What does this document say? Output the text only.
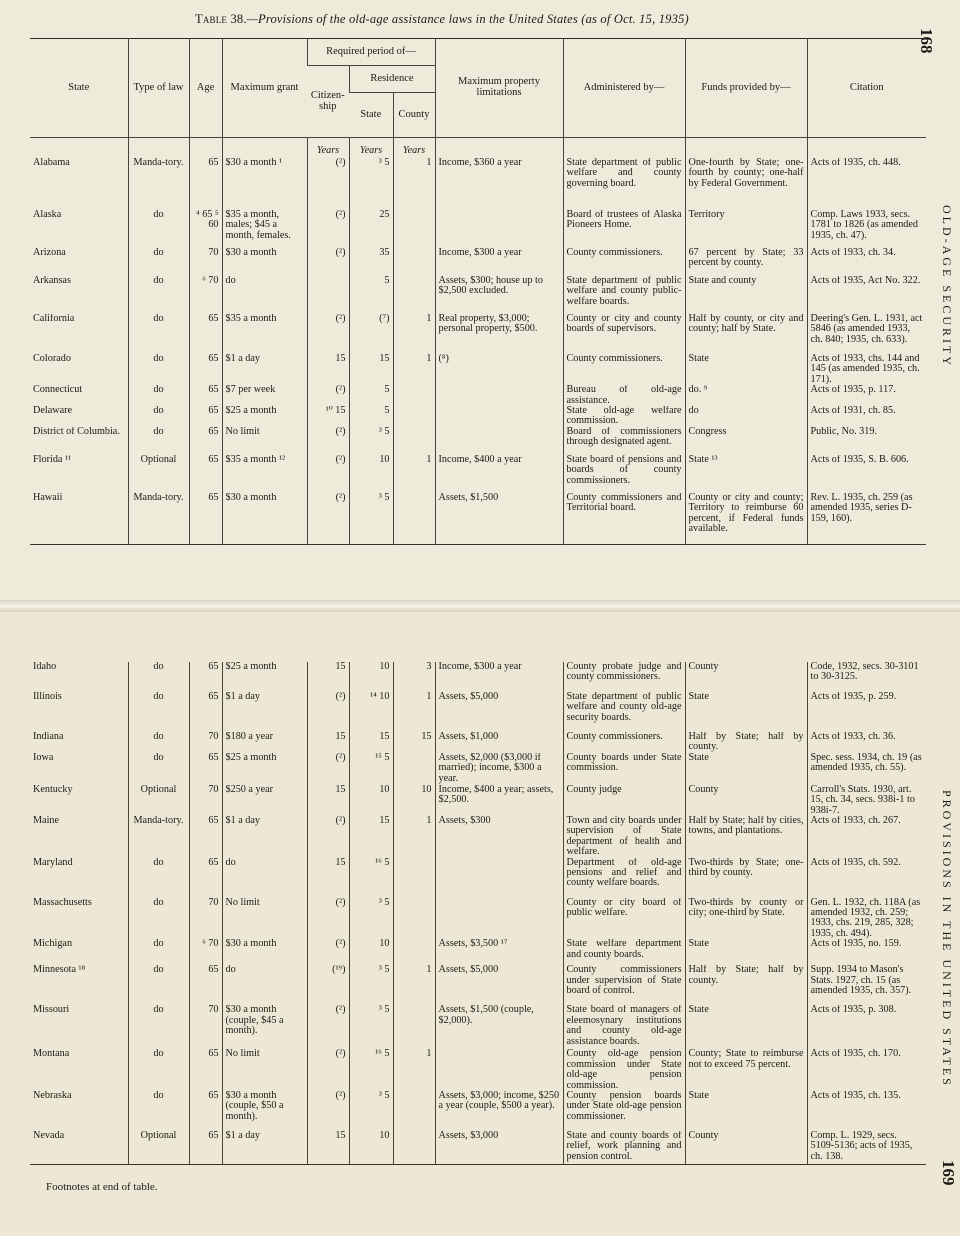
Table 38.—Provisions of the old-age assistance laws in the United States (as of Oct. 15, 1935)
168
169
OLD-AGE SECURITY
PROVISIONS IN THE UNITED STATES
State	Type of law	Age	Maximum grant	Required period of—			Maximum property limitations	Administered by—	Funds provided by—	Citation
				Citizen-ship	Residence					
					State	County				
				Years	Years	Years				
Alabama	Manda-tory.	65	$30 a month ¹	(²)	³ 5	1	Income, $360 a year	State department of public welfare and county governing board.	One-fourth by State; one-fourth by county; one-half by Federal Government.	Acts of 1935, ch. 448.
Alaska	do	⁴ 65 ⁵ 60	$35 a month, males; $45 a month, females.	(²)	25			Board of trustees of Alaska Pioneers Home.	Territory	Comp. Laws 1933, secs. 1781 to 1826 (as amended 1935, ch. 47).
Arizona	do	70	$30 a month	(²)	35		Income, $300 a year	County commissioners.	67 percent by State; 33 percent by county.	Acts of 1933, ch. 34.
Arkansas	do	⁶ 70	do		5		Assets, $300; house up to $2,500 excluded.	State department of public welfare and county public-welfare boards.	State and county	Acts of 1935, Act No. 322.
California	do	65	$35 a month	(²)	(⁷)	1	Real property, $3,000; personal property, $500.	County or city and county boards of supervisors.	Half by county, or city and county; half by State.	Deering's Gen. L. 1931, act 5846 (as amended 1933, ch. 840; 1935, ch. 633).
Colorado	do	65	$1 a day	15	15	1	(⁸)	County commissioners.	State	Acts of 1933, chs. 144 and 145 (as amended 1935, ch. 171).
Connecticut	do	65	$7 per week	(²)	5			Bureau of old-age assistance.	do. ⁹	Acts of 1935, p. 117.
Delaware	do	65	$25 a month	¹⁰ 15	5			State old-age welfare commission.	do	Acts of 1931, ch. 85.
District of Columbia.	do	65	No limit	(²)	³ 5			Board of commissioners through designated agent.	Congress	Public, No. 319.
Florida ¹¹	Optional	65	$35 a month ¹²	(²)	10	1	Income, $400 a year	State board of pensions and boards of county commissioners.	State ¹³	Acts of 1935, S. B. 606.
Hawaii	Manda-tory.	65	$30 a month	(²)	³ 5		Assets, $1,500	County commissioners and Territorial board.	County or city and county; Territory to reimburse 60 percent, if Federal funds available.	Rev. L. 1935, ch. 259 (as amended 1935, series D-159, 160).
Idaho	do	65	$25 a month	15	10	3	Income, $300 a year	County probate judge and county commissioners.	County	Code, 1932, secs. 30-3101 to 30-3125.
Illinois	do	65	$1 a day	(²)	¹⁴ 10	1	Assets, $5,000	State department of public welfare and county old-age security boards.	State	Acts of 1935, p. 259.
Indiana	do	70	$180 a year	15	15	15	Assets, $1,000	County commissioners.	Half by State; half by county.	Acts of 1933, ch. 36.
Iowa	do	65	$25 a month	(²)	¹⁵ 5		Assets, $2,000 ($3,000 if married); income, $300 a year.	County boards under State commission.	State	Spec. sess. 1934, ch. 19 (as amended 1935, ch. 55).
Kentucky	Optional	70	$250 a year	15	10	10	Income, $400 a year; assets, $2,500.	County judge	County	Carroll's Stats. 1930, art. 15, ch. 34, secs. 938i-1 to 938i-7.
Maine	Manda-tory.	65	$1 a day	(²)	15	1	Assets, $300	Town and city boards under supervision of State department of health and welfare.	Half by State; half by cities, towns, and plantations.	Acts of 1933, ch. 267.
Maryland	do	65	do	15	¹⁶ 5			Department of old-age pensions and relief and county welfare boards.	Two-thirds by State; one-third by county.	Acts of 1935, ch. 592.
Massachusetts	do	70	No limit	(²)	³ 5			County or city board of public welfare.	Two-thirds by county or city; one-third by State.	Gen. L. 1932, ch. 118A (as amended 1932, ch. 259; 1933, chs. 219, 285, 328; 1935, ch. 494).
Michigan	do	⁶ 70	$30 a month	(²)	10		Assets, $3,500 ¹⁷	State welfare department and county boards.	State	Acts of 1935, no. 159.
Minnesota ¹⁸	do	65	do	(¹⁹)	³ 5	1	Assets, $5,000	County commissioners under supervision of State board of control.	Half by State; half by county.	Supp. 1934 to Mason's Stats. 1927, ch. 15 (as amended 1935, ch. 357).
Missouri	do	70	$30 a month (couple, $45 a month).	(²)	³ 5		Assets, $1,500 (couple, $2,000).	State board of managers of eleemosynary institutions and county old-age assistance boards.	State	Acts of 1935, p. 308.
Montana	do	65	No limit	(²)	¹⁶ 5	1		County old-age pension commission under State old-age pension commission.	County; State to reimburse not to exceed 75 percent.	Acts of 1935, ch. 170.
Nebraska	do	65	$30 a month (couple, $50 a month).	(²)	³ 5		Assets, $3,000; income, $250 a year (couple, $500 a year).	County pension boards under State old-age pension commissioner.	State	Acts of 1935, ch. 135.
Nevada	Optional	65	$1 a day	15	10		Assets, $3,000	State and county boards of relief, work planning and pension control.	County	Comp. L. 1929, secs. 5109-5136; acts of 1935, ch. 138.
Footnotes at end of table.
